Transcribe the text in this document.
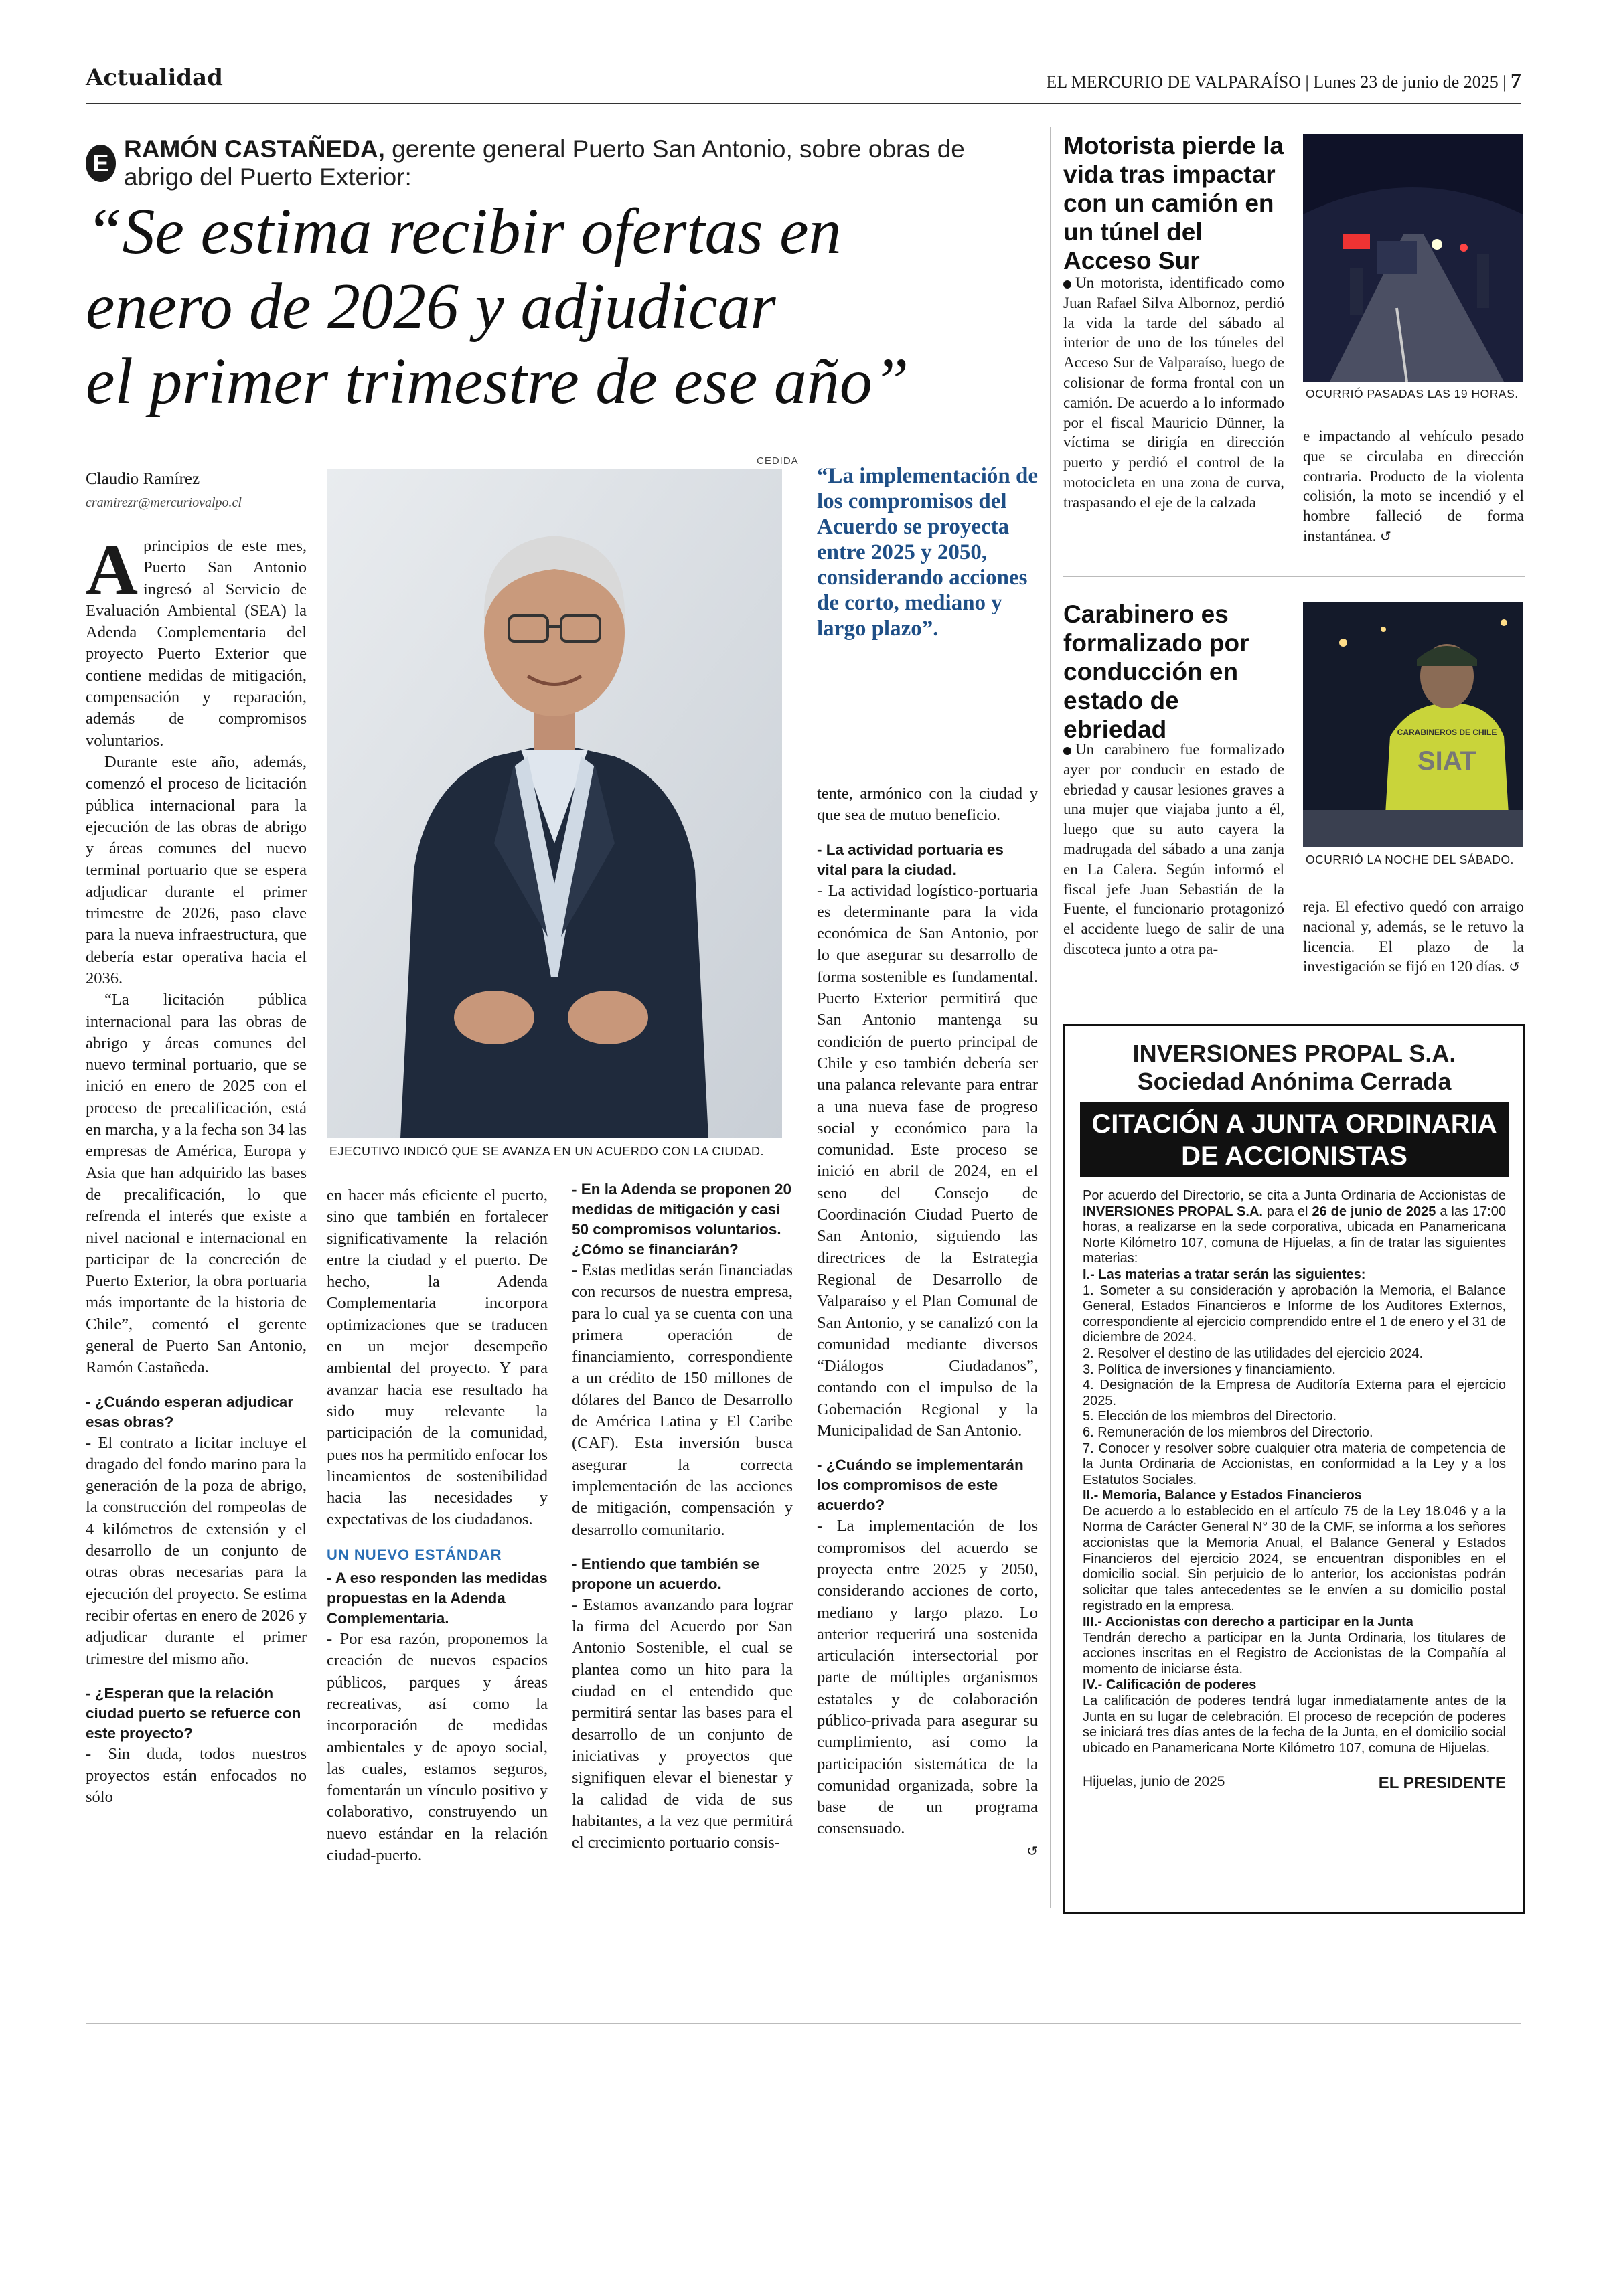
Actualidad	EL MERCURIO DE VALPARAÍSO | Lunes 23 de junio de 2025 | 7
E
RAMÓN CASTAÑEDA, gerente general Puerto San Antonio, sobre obras de abrigo del Puerto Exterior:
“Se estima recibir ofertas en
enero de 2026 y adjudicar
el primer trimestre de ese año”
Claudio Ramírez
cramirezr@mercuriovalpo.cl

Aprincipios de este mes, Puerto San Antonio ingresó al Servicio de Evaluación Ambiental (SEA) la Adenda Complementaria del proyecto Puerto Exterior que contiene medidas de mitigación, compensación y reparación, además de compromisos voluntarios.

Durante este año, además, comenzó el proceso de licitación pública internacional para la ejecución de las obras de abrigo y áreas comunes del nuevo terminal portuario que se espera adjudicar durante el primer trimestre de 2026, paso clave para la nueva infraestructura, que debería estar operativa hacia el 2036.

“La licitación pública internacional para las obras de abrigo y áreas comunes del nuevo terminal portuario, que se inició en enero de 2025 con el proceso de precalificación, está en marcha, y a la fecha son 34 las empresas de América, Europa y Asia que han adquirido las bases de precalificación, lo que refrenda el interés que existe a nivel nacional e internacional en participar de la concreción de Puerto Exterior, la obra portuaria más importante de la historia de Chile”, comentó el gerente general de Puerto San Antonio, Ramón Castañeda.

- ¿Cuándo esperan adjudicar esas obras?

- El contrato a licitar incluye el dragado del fondo marino para la generación de la poza de abrigo, la construcción del rompeolas de 4 kilómetros de extensión y el desarrollo de un conjunto de otras obras necesarias para la ejecución del proyecto. Se estima recibir ofertas en enero de 2026 y adjudicar durante el primer trimestre del mismo año.

- ¿Esperan que la relación ciudad puerto se refuerce con este proyecto?

- Sin duda, todos nuestros proyectos están enfocados no sólo

CEDIDA
EJECUTIVO INDICÓ QUE SE AVANZA EN UN ACUERDO CON LA CIUDAD.
“La implementación de los compromisos del Acuerdo se proyecta entre 2025 y 2050, considerando acciones de corto, mediano y largo plazo”.

en hacer más eficiente el puerto, sino que también en fortalecer significativamente la relación entre la ciudad y el puerto. De hecho, la Adenda Complementaria incorpora optimizaciones que se traducen en un mejor desempeño ambiental del proyecto. Y para avanzar hacia ese resultado ha sido muy relevante la participación de la comunidad, pues nos ha permitido enfocar los lineamientos de sostenibilidad hacia las necesidades y expectativas de los ciudadanos.

UN NUEVO ESTÁNDAR

- A eso responden las medidas propuestas en la Adenda Complementaria.

- Por esa razón, proponemos la creación de nuevos espacios públicos, parques y áreas recreativas, así como la incorporación de medidas ambientales y de apoyo social, las cuales, estamos seguros, fomentarán un vínculo positivo y colaborativo, construyendo un nuevo estándar en la relación ciudad-puerto.

- En la Adenda se proponen 20 medidas de mitigación y casi 50 compromisos voluntarios. ¿Cómo se financiarán?

- Estas medidas serán financiadas con recursos de nuestra empresa, para lo cual ya se cuenta con una primera operación de financiamiento, correspondiente a un crédito de 150 millones de dólares del Banco de Desarrollo de América Latina y El Caribe (CAF). Esta inversión busca asegurar la correcta implementación de las acciones de mitigación, compensación y desarrollo comunitario.

- Entiendo que también se propone un acuerdo.

- Estamos avanzando para lograr la firma del Acuerdo por San Antonio Sostenible, el cual se plantea como un hito para la ciudad en el entendido que permitirá sentar las bases para el desarrollo de un conjunto de iniciativas y proyectos que signifiquen elevar el bienestar y la calidad de vida de sus habitantes, a la vez que permitirá el crecimiento portuario consis-

tente, armónico con la ciudad y que sea de mutuo beneficio.

- La actividad portuaria es vital para la ciudad.

- La actividad logístico-portuaria es determinante para la vida económica de San Antonio, por lo que asegurar su desarrollo de forma sostenible es fundamental. Puerto Exterior permitirá que San Antonio mantenga su condición de puerto principal de Chile y eso también debería ser una palanca relevante para entrar a una nueva fase de progreso social y económico para la comunidad. Este proceso se inició en abril de 2024, en el seno del Consejo de Coordinación Ciudad Puerto de San Antonio, siguiendo las directrices de la Estrategia Regional de Desarrollo de Valparaíso y el Plan Comunal de San Antonio, y se canalizó con la comunidad mediante diversos “Diálogos Ciudadanos”, contando con el impulso de la Gobernación Regional y la Municipalidad de San Antonio.

- ¿Cuándo se implementarán los compromisos de este acuerdo?

- La implementación de los compromisos del acuerdo se proyecta entre 2025 y 2050, considerando acciones de corto, mediano y largo plazo. Lo anterior requerirá una sostenida articulación intersectorial por parte de múltiples organismos estatales y de colaboración público-privada para asegurar su cumplimiento, así como la participación sistemática de la comunidad organizada, sobre la base de un programa consensuado.

↺

Motorista pierde la vida tras impactar con un camión en un túnel del Acceso Sur
OCURRIÓ PASADAS LAS 19 HORAS.
Un motorista, identificado como Juan Rafael Silva Albornoz, perdió la vida la tarde del sábado al interior de uno de los túneles del Acceso Sur de Valparaíso, luego de colisionar de forma frontal con un camión. De acuerdo a lo informado por el fiscal Mauricio Dünner, la víctima se dirigía en dirección puerto y perdió el control de la motocicleta en una zona de curva, traspasando el eje de la calzada
e impactando al vehículo pesado que se circulaba en dirección contraria. Producto de la violenta colisión, la moto se incendió y el hombre falleció de forma instantánea. ↺
Carabinero es formalizado por conducción en estado de ebriedad	CARABINEROS DE CHILE
SIAT
OCURRIÓ LA NOCHE DEL SÁBADO.
Un carabinero fue formalizado ayer por conducir en estado de ebriedad y causar lesiones graves a una mujer que viajaba junto a él, luego que su auto cayera la madrugada del sábado a una zanja en La Calera. Según informó el fiscal jefe Juan Sebastián de la Fuente, el funcionario protagonizó el accidente luego de salir de una discoteca junto a otra pa-
reja. El efectivo quedó con arraigo nacional y, además, se le retuvo la licencia. El plazo de la investigación se fijó en 120 días. ↺
INVERSIONES PROPAL S.A.
Sociedad Anónima Cerrada
CITACIÓN A JUNTA ORDINARIA DE ACCIONISTAS

Por acuerdo del Directorio, se cita a Junta Ordinaria de Accionistas de INVERSIONES PROPAL S.A. para el 26 de junio de 2025 a las 17:00 horas, a realizarse en la sede corporativa, ubicada en Panamericana Norte Kilómetro 107, comuna de Hijuelas, a fin de tratar las siguientes materias:

I.- Las materias a tratar serán las siguientes:

1. Someter a su consideración y aprobación la Memoria, el Balance General, Estados Financieros e Informe de los Auditores Externos, correspondiente al ejercicio comprendido entre el 1 de enero y el 31 de diciembre de 2024.

2. Resolver el destino de las utilidades del ejercicio 2024.

3. Política de inversiones y financiamiento.

4. Designación de la Empresa de Auditoría Externa para el ejercicio 2025.

5. Elección de los miembros del Directorio.

6. Remuneración de los miembros del Directorio.

7. Conocer y resolver sobre cualquier otra materia de competencia de la Junta Ordinaria de Accionistas, en conformidad a la Ley y a los Estatutos Sociales.

II.- Memoria, Balance y Estados Financieros

De acuerdo a lo establecido en el artículo 75 de la Ley 18.046 y a la Norma de Carácter General N° 30 de la CMF, se informa a los señores accionistas que la Memoria Anual, el Balance General y Estados Financieros del ejercicio 2024, se encuentran disponibles en el domicilio social. Sin perjuicio de lo anterior, los accionistas podrán solicitar que tales antecedentes se le envíen a su domicilio postal registrado en la empresa.

III.- Accionistas con derecho a participar en la Junta

Tendrán derecho a participar en la Junta Ordinaria, los titulares de acciones inscritas en el Registro de Accionistas de la Compañía al momento de iniciarse ésta.

IV.- Calificación de poderes

La calificación de poderes tendrá lugar inmediatamente antes de la Junta en su lugar de celebración. El proceso de recepción de poderes se iniciará tres días antes de la fecha de la Junta, en el domicilio social ubicado en Panamericana Norte Kilómetro 107, comuna de Hijuelas.

Hijuelas, junio de 2025	EL PRESIDENTE
